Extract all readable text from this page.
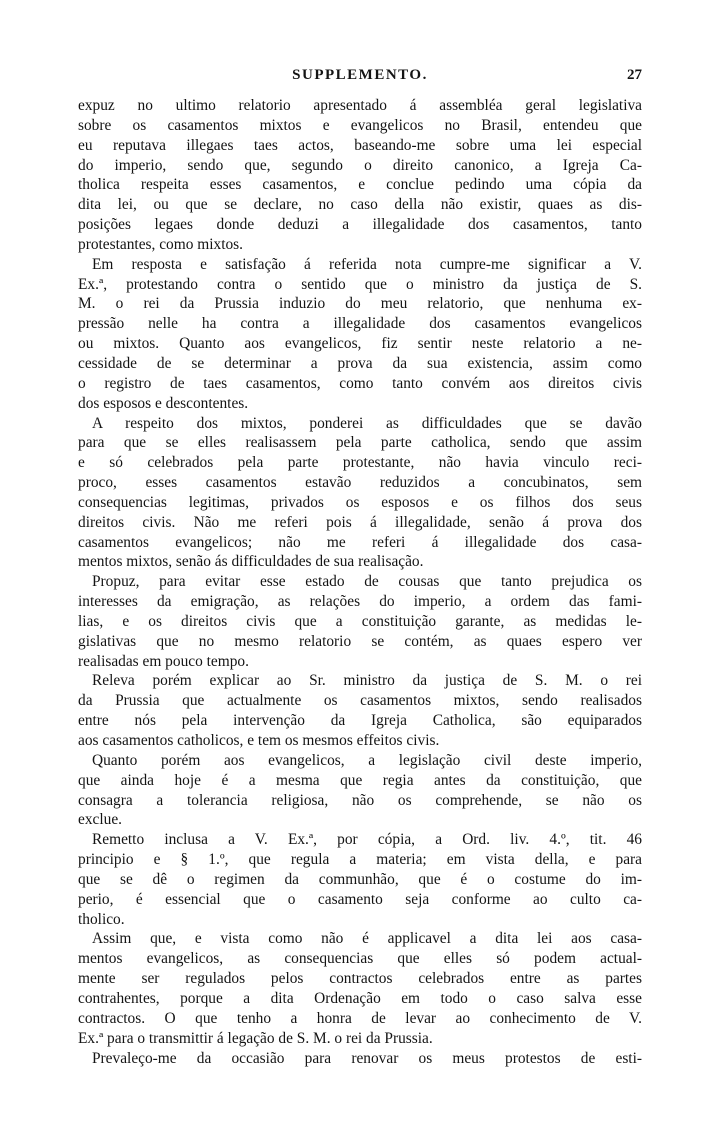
SUPPLEMENTO.	27

expuz no ultimo relatorio apresentado á assembléa geral legislativa
sobre os casamentos mixtos e evangelicos no Brasil, entendeu que
eu reputava illegaes taes actos, baseando-me sobre uma lei especial
do imperio, sendo que, segundo o direito canonico, a Igreja Ca-
tholica respeita esses casamentos, e conclue pedindo uma cópia da
dita lei, ou que se declare, no caso della não existir, quaes as dis-
posições legaes donde deduzi a illegalidade dos casamentos, tanto
protestantes, como mixtos.

Em resposta e satisfação á referida nota cumpre-me significar a V.
Ex.ª, protestando contra o sentido que o ministro da justiça de S.
M. o rei da Prussia induzio do meu relatorio, que nenhuma ex-
pressão nelle ha contra a illegalidade dos casamentos evangelicos
ou mixtos. Quanto aos evangelicos, fiz sentir neste relatorio a ne-
cessidade de se determinar a prova da sua existencia, assim como
o registro de taes casamentos, como tanto convém aos direitos civis
dos esposos e descontentes.

A respeito dos mixtos, ponderei as difficuldades que se davão
para que se elles realisassem pela parte catholica, sendo que assim
e só celebrados pela parte protestante, não havia vinculo reci-
proco, esses casamentos estavão reduzidos a concubinatos, sem
consequencias legitimas, privados os esposos e os filhos dos seus
direitos civis. Não me referi pois á illegalidade, senão á prova dos
casamentos evangelicos; não me referi á illegalidade dos casa-
mentos mixtos, senão ás difficuldades de sua realisação.

Propuz, para evitar esse estado de cousas que tanto prejudica os
interesses da emigração, as relações do imperio, a ordem das fami-
lias, e os direitos civis que a constituição garante, as medidas le-
gislativas que no mesmo relatorio se contém, as quaes espero ver
realisadas em pouco tempo.

Releva porém explicar ao Sr. ministro da justiça de S. M. o rei
da Prussia que actualmente os casamentos mixtos, sendo realisados
entre nós pela intervenção da Igreja Catholica, são equiparados
aos casamentos catholicos, e tem os mesmos effeitos civis.

Quanto porém aos evangelicos, a legislação civil deste imperio,
que ainda hoje é a mesma que regia antes da constituição, que
consagra a tolerancia religiosa, não os comprehende, se não os
exclue.

Remetto inclusa a V. Ex.ª, por cópia, a Ord. liv. 4.º, tit. 46
principio e § 1.º, que regula a materia; em vista della, e para
que se dê o regimen da communhão, que é o costume do im-
perio, é essencial que o casamento seja conforme ao culto ca-
tholico.

Assim que, e vista como não é applicavel a dita lei aos casa-
mentos evangelicos, as consequencias que elles só podem actual-
mente ser regulados pelos contractos celebrados entre as partes
contrahentes, porque a dita Ordenação em todo o caso salva esse
contractos. O que tenho a honra de levar ao conhecimento de V.
Ex.ª para o transmittir á legação de S. M. o rei da Prussia.

Prevaleço-me da occasião para renovar os meus protestos de esti-
